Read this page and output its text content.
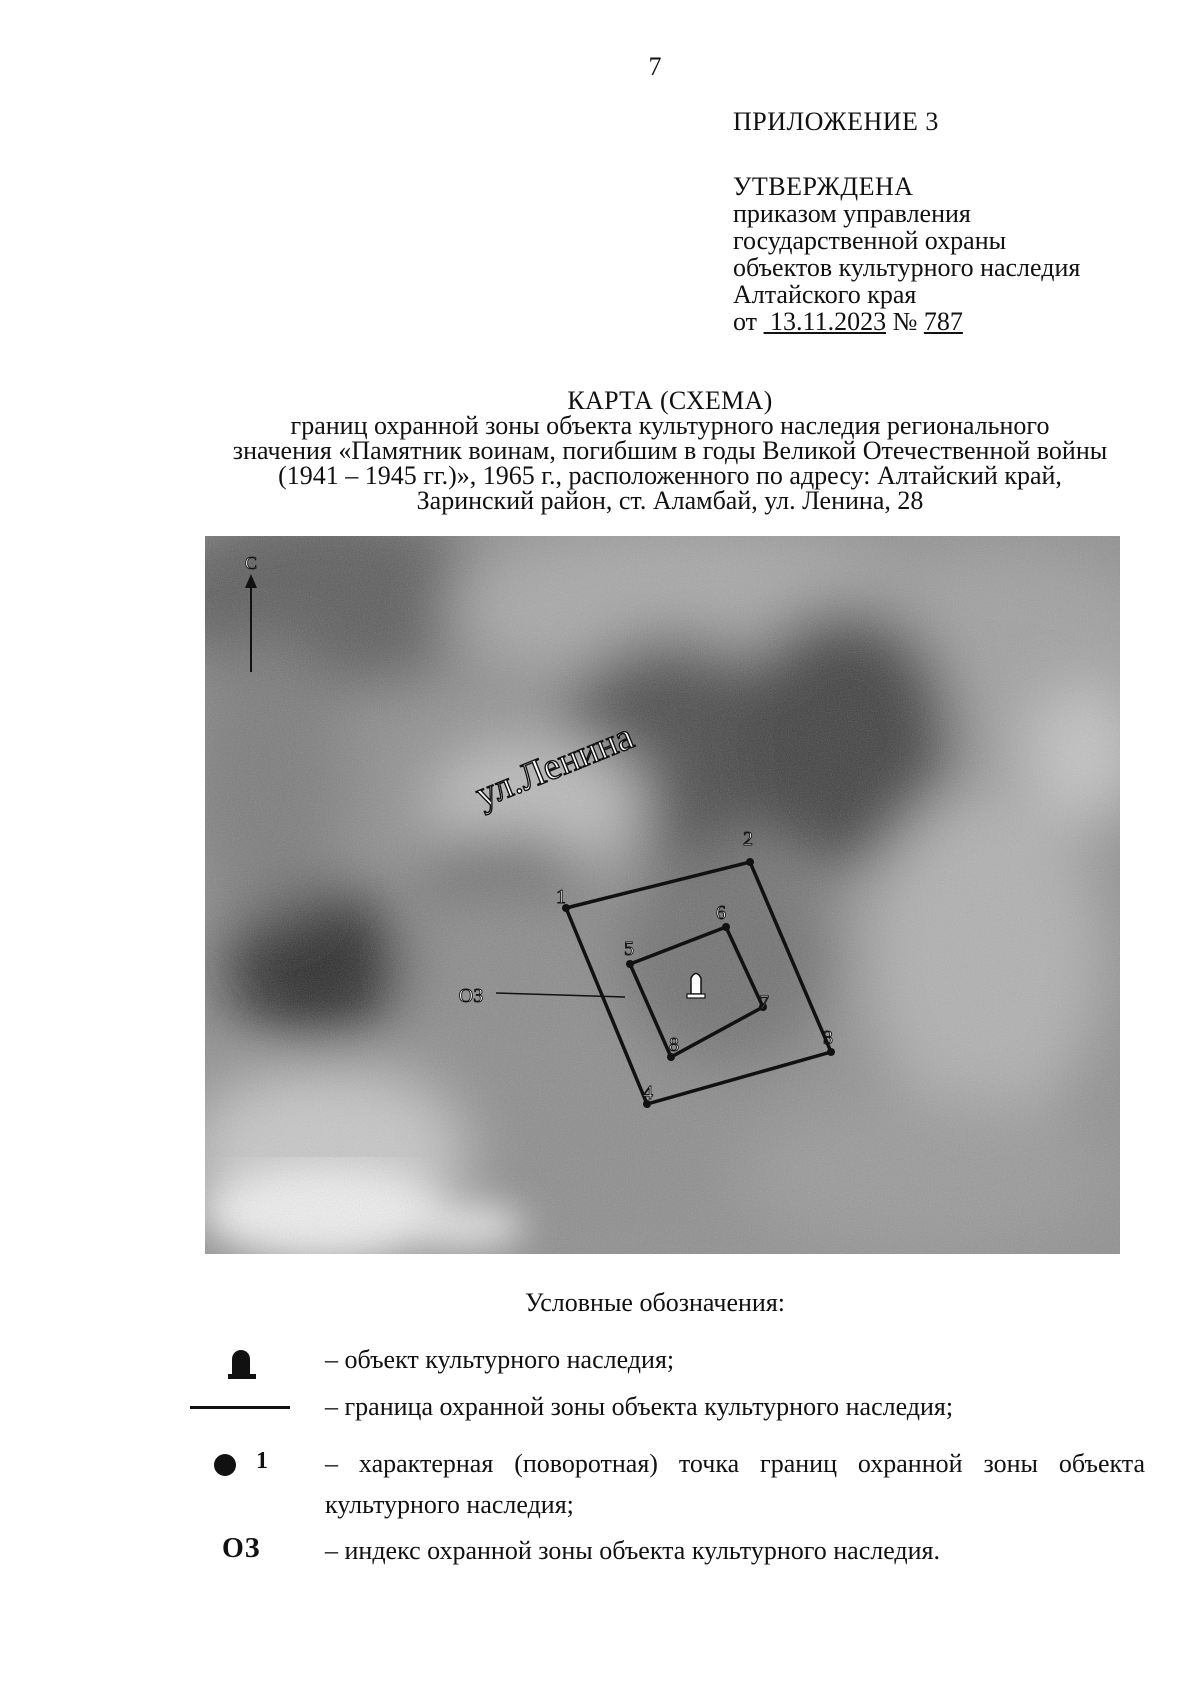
7
ПРИЛОЖЕНИЕ 3
УТВЕРЖДЕНА
приказом управления
государственной охраны
объектов культурного наследия
Алтайского края
от 13.11.2023 № 787
КАРТА (СХЕМА)
границ охранной зоны объекта культурного наследия регионального
значения «Памятник воинам, погибшим в годы Великой Отечественной войны
(1941 – 1945 гг.)», 1965 г., расположенного по адресу: Алтайский край,
Заринский район, ст. Аламбай, ул. Ленина, 28
С
ул.Ленина
ОЗ
1
2
3
4
5
6
7
8
Условные обозначения:
– объект культурного наследия;
– граница охранной зоны объекта культурного наследия;
1 – характерная (поворотная) точка границ охранной зоны объекта
культурного наследия;
ОЗ – индекс охранной зоны объекта культурного наследия.
